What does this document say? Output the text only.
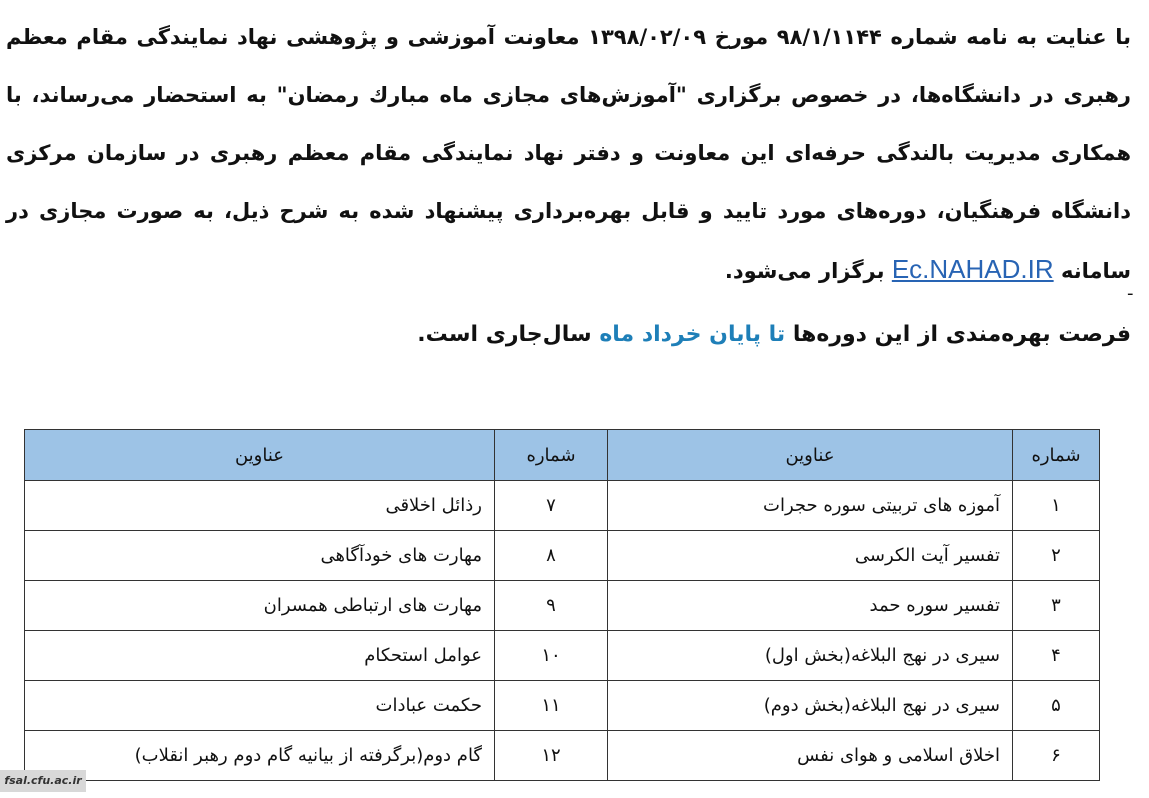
با عنایت به نامه شماره ۹۸/۱/۱۱۴۴ مورخ ۱۳۹۸/۰۲/۰۹ معاونت آموزشی و پژوهشی نهاد نمایندگی مقام معظم رهبری در دانشگاه‌ها، در خصوص برگزاری "آموزش‌های مجازی ماه مبارك رمضان" به استحضار می‌رساند، با همکاری مدیریت بالندگی حرفه‌ای این معاونت و دفتر نهاد نمایندگی مقام معظم رهبری در سازمان مرکزی دانشگاه فرهنگیان، دوره‌های مورد تایید و قابل بهره‌برداری پیشنهاد شده به شرح ذیل، به صورت مجازی در سامانه Ec.NAHAD.IR برگزار می‌شود.
-
فرصت بهره‌مندی از این دوره‌ها تا پایان خرداد ماه سال‌جاری است.
شماره	عناوین	شماره	عناوین
۱	آموزه های تربیتی سوره حجرات	۷	رذائل اخلاقی
۲	تفسیر آیت الکرسی	۸	مهارت های خودآگاهی
۳	تفسیر سوره حمد	۹	مهارت های ارتباطی همسران
۴	سیری در نهج البلاغه(بخش اول)	۱۰	عوامل استحکام
۵	سیری در نهج البلاغه(بخش دوم)	۱۱	حکمت عبادات
۶	اخلاق اسلامی و هوای نفس	۱۲	گام دوم(برگرفته از بیانیه گام دوم رهبر انقلاب)
fsal.cfu.ac.ir
